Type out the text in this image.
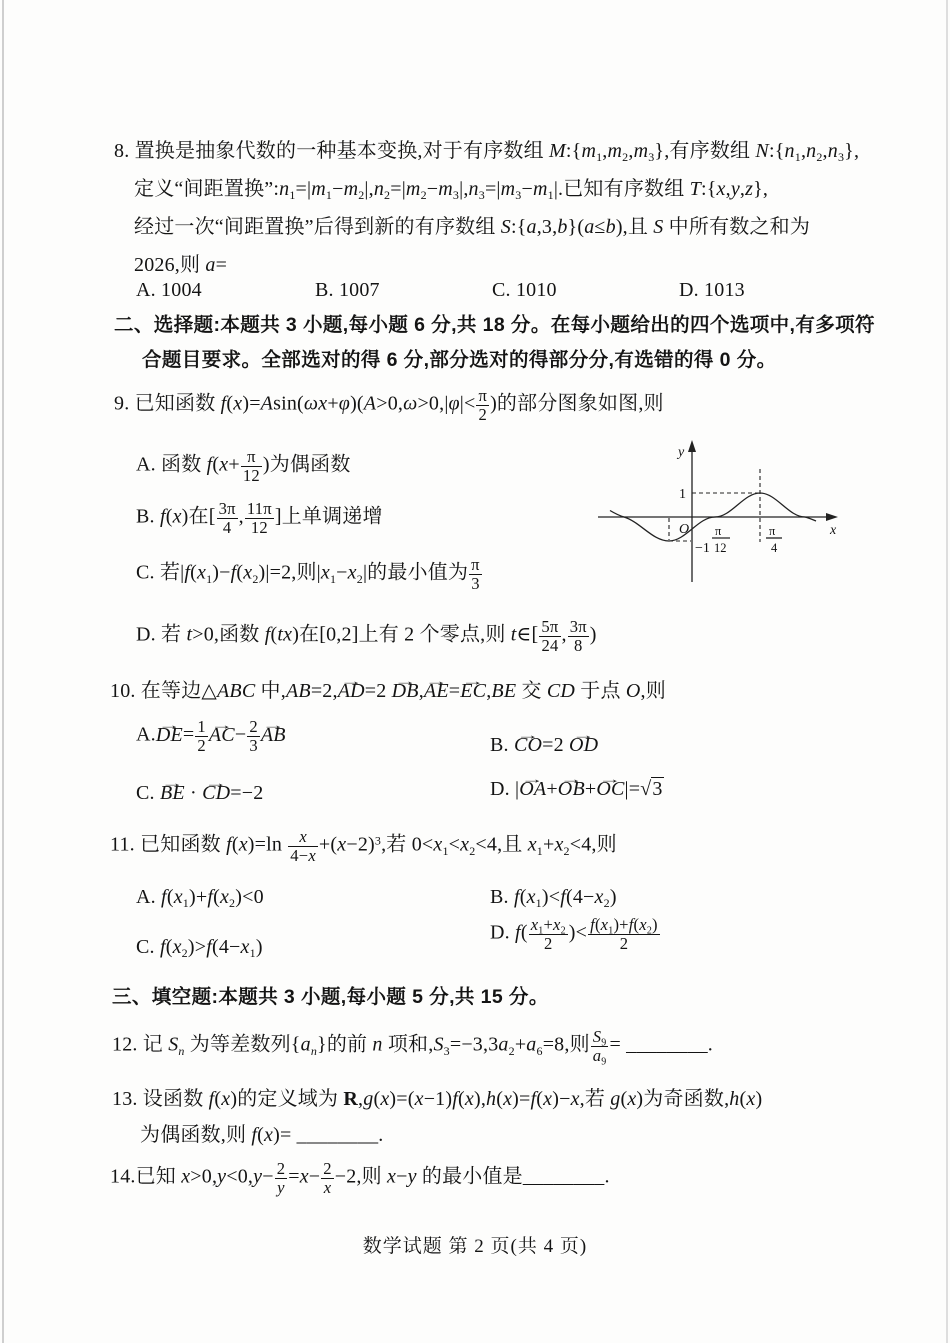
8. 置换是抽象代数的一种基本变换,对于有序数组 $M:\{m_1,m_2,m_3\}$,有序数组 $N:\{n_1,n_2,n_3\}$,
定义“间距置换$”:n_1=|m_1-m_2|,n_2=|m_2-m_3|,n_3=|m_3-m_1|$.已知有序数组 T:{x,y,z},
经过一次“间距置换”后得到新的有序数组 S:{a,3,b}(a≤b),且 S 中所有数之和为
2026,则 a=
A. 1004	B. 1007	C. 1010	D. 1013
二、选择题:本题共 3 小题,每小题 6 分,共 18 分。在每小题给出的四个选项中,有多项符
合题目要求。全部选对的得 6 分,部分选对的得部分分,有选错的得 0 分。
9. 已知函数 $f(x)=Asin(\omega x+\varphi)(A>0,\omega>0,|\varphi|< \frac{\pi}{2}$ )的部分图象如图,则
A. 函数 $f(x+ \frac{\pi}{12}$ )为偶函数
B. f(x)在[ $\frac{3\pi}{4}$ , $\frac{11\pi}{12}$ ]上单调递增
C. 若$|f(x_1)-f(x_2)|=2$,则$|x_1-x_2|$的最小值为 $\frac{\pi}{3}$
D. 若 t>0,函数 f(tx)在[0,2]上有 2 个零点,则 t∈[ $\frac{5\pi}{24}$ , $\frac{3\pi}{8}$ )
y
x
O
1
−1
π
12
π
4
10. 在等边△ABC 中,AB=2,→ AD=2 → DB,→ AE=→ EC,BE 交 CD 于点 O,则
$A.\to DE= \frac{1}{2} \to AC- \frac{2}{3}$ → AB	B. → CO=2 → OD
C. → BE · → CD=−2	D. |→ OA+→ OB+→ OC|=√3
11. 已知函数 $f(x)=\ln \frac{x}{4-x} +(x-2)^3$,若 $0<x_1<x_2<4$,且 $x_1+x_2<4$,则
A. $f(x_1)+f(x_2)<0$	B. $f(x_1)<f(4-x_2)$
C. $f(x_2)>f(4-x_1)$
D. $f( \frac{x_1+x_2}{2}$ )< $\frac{f(x_1)+f(x_2)}{2}$
三、填空题:本题共 3 小题,每小题 5 分,共 15 分。
12. 记 $S_n$ 为等差数列$\{a_n\}$的前 n 项和$,S_3=-3,3a_2+a_6=8$,则 $\frac{S_9}{a_9}$ = ________.
13. 设函数 f(x)的定义域为 R,g(x)=(x−1)f(x),h(x)=f(x)−x,若 g(x)为奇函数,h(x)
为偶函数,则 f(x)= ________.
14.已知 $x>0,y<0,y- \frac{2}{y} =x- \frac{2}{x} -2$,则 x−y 的最小值是________.
数学试题 第 2 页(共 4 页)
